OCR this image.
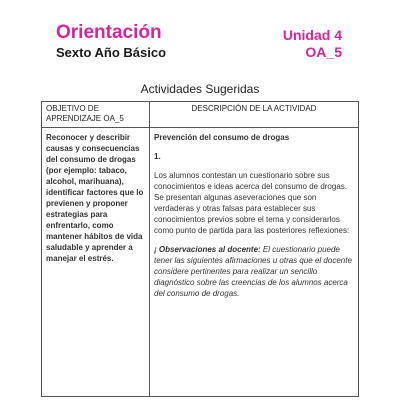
Orientación

Sexto Año Básico

Unidad 4

OA_5

Actividades Sugeridas
OBJETIVO DE APRENDIZAJE OA_5
DESCRIPCIÓN DE LA ACTIVIDAD
Reconocer y describir causas y consecuencias del consumo de drogas (por ejemplo: tabaco, alcohol, marihuana), identificar factores que lo previenen y proponer estrategias para enfrentarlo, como mantener hábitos de vida saludable y aprender a manejar el estrés.

Prevención del consumo de drogas

1.

Los alumnos contestan un cuestionario sobre sus conocimientos e ideas acerca del consumo de drogas. Se presentan algunas aseveraciones que son verdaderas y otras falsas para establecer sus conocimientos previos sobre el tema y considerarlos como punto de partida para las posteriores reflexiones:

¡ Observaciones al docente: El cuestionario puede tener las siguientes afirmaciones u otras que el docente considere pertinentes para realizar un sencillo diagnóstico sobre las creencias de los alumnos acerca del consumo de drogas.
